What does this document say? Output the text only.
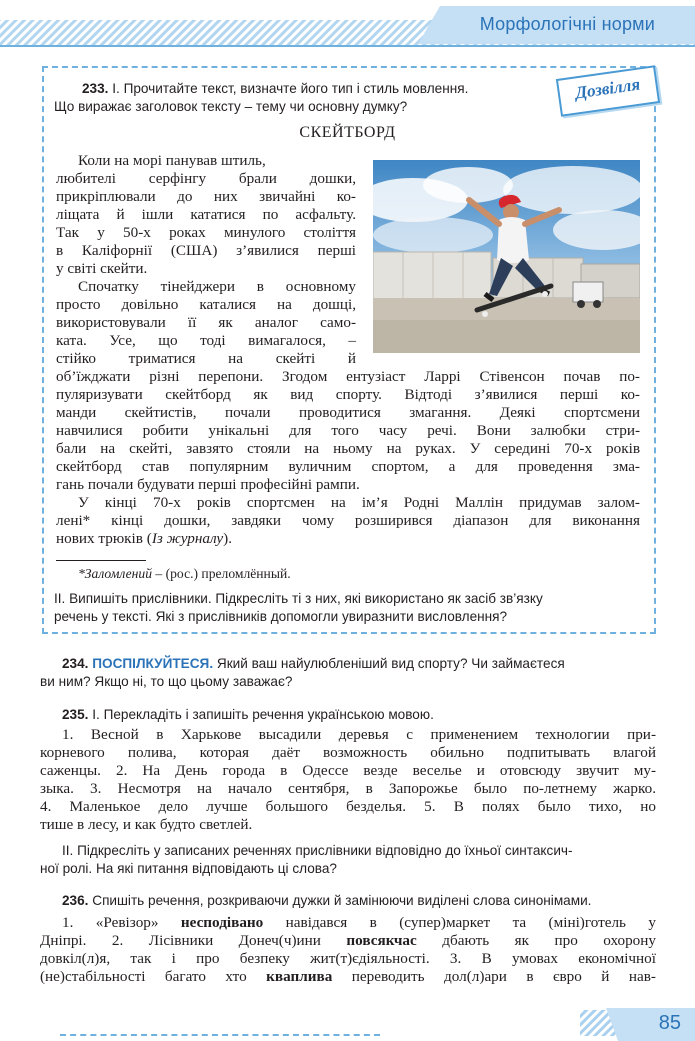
Морфологічні норми
Дозвілля

233. І. Прочитайте текст, визначте його тип і стиль мовлення.

Що виражає заголовок тексту – тему чи основну думку?

СКЕЙТБОРД

Коли на морі панував штиль,

любителі серфінгу брали дошки,

прикріплювали до них звичайні ко-

ліщата й ішли кататися по асфальту.

Так у 50-х роках минулого століття

в Каліфорнії (США) з’явилися перші

у світі скейти.

Спочатку тінейджери в основному

просто довільно каталися на дошці,

використовували її як аналог само-

ката. Усе, що тоді вимагалося, –

стійко триматися на скейті й

об’їжджати різні перепони. Згодом ентузіаст Ларрі Стівенсон почав по-

пуляризувати скейтборд як вид спорту. Відтоді з’явилися перші ко-

манди скейтистів, почали проводитися змагання. Деякі спортсмени

навчилися робити унікальні для того часу речі. Вони залюбки стри-

бали на скейті, завзято стояли на ньому на руках. У середині 70-х років

скейтборд став популярним вуличним спортом, а для проведення зма-

гань почали будувати перші професійні рампи.

У кінці 70-х років спортсмен на ім’я Родні Маллін придумав залом-

лені* кінці дошки, завдяки чому розширився діапазон для виконання

нових трюків (Із журналу).

*Заломлений – (рос.) преломлённый.

ІІ. Випишіть прислівники. Підкресліть ті з них, які використано як засіб зв’язку

речень у тексті. Які з прислівників допомогли увиразнити висловлення?

234. ПОСПІЛКУЙТЕСЯ. Який ваш найулюбленіший вид спорту? Чи займаєтеся

ви ним? Якщо ні, то що цьому заважає?

235. І. Перекладіть і запишіть речення українською мовою.

1. Весной в Харькове высадили деревья с применением технологии при-

корневого полива, которая даёт возможность обильно подпитывать влагой

саженцы. 2. На День города в Одессе везде веселье и отовсюду звучит му-

зыка. 3. Несмотря на начало сентября, в Запорожье было по-летнему жарко.

4. Маленькое дело лучше большого безделья. 5. В полях было тихо, но

тише в лесу, и как будто светлей.

ІІ. Підкресліть у записаних реченнях прислівники відповідно до їхньої синтаксич-

ної ролі. На які питання відповідають ці слова?

236. Спишіть речення, розкриваючи дужки й замінюючи виділені слова синонімами.

1. «Ревізор» несподівано навідався в (супер)маркет та (міні)готель у

Дніпрі. 2. Лісівники Донеч(ч)ини повсякчас дбають як про охорону

довкіл(л)я, так і про безпеку жит(т)єдіяльності. 3. В умовах економічної

(не)стабільності багато хто кваплива переводить дол(л)ари в євро й нав-

85
